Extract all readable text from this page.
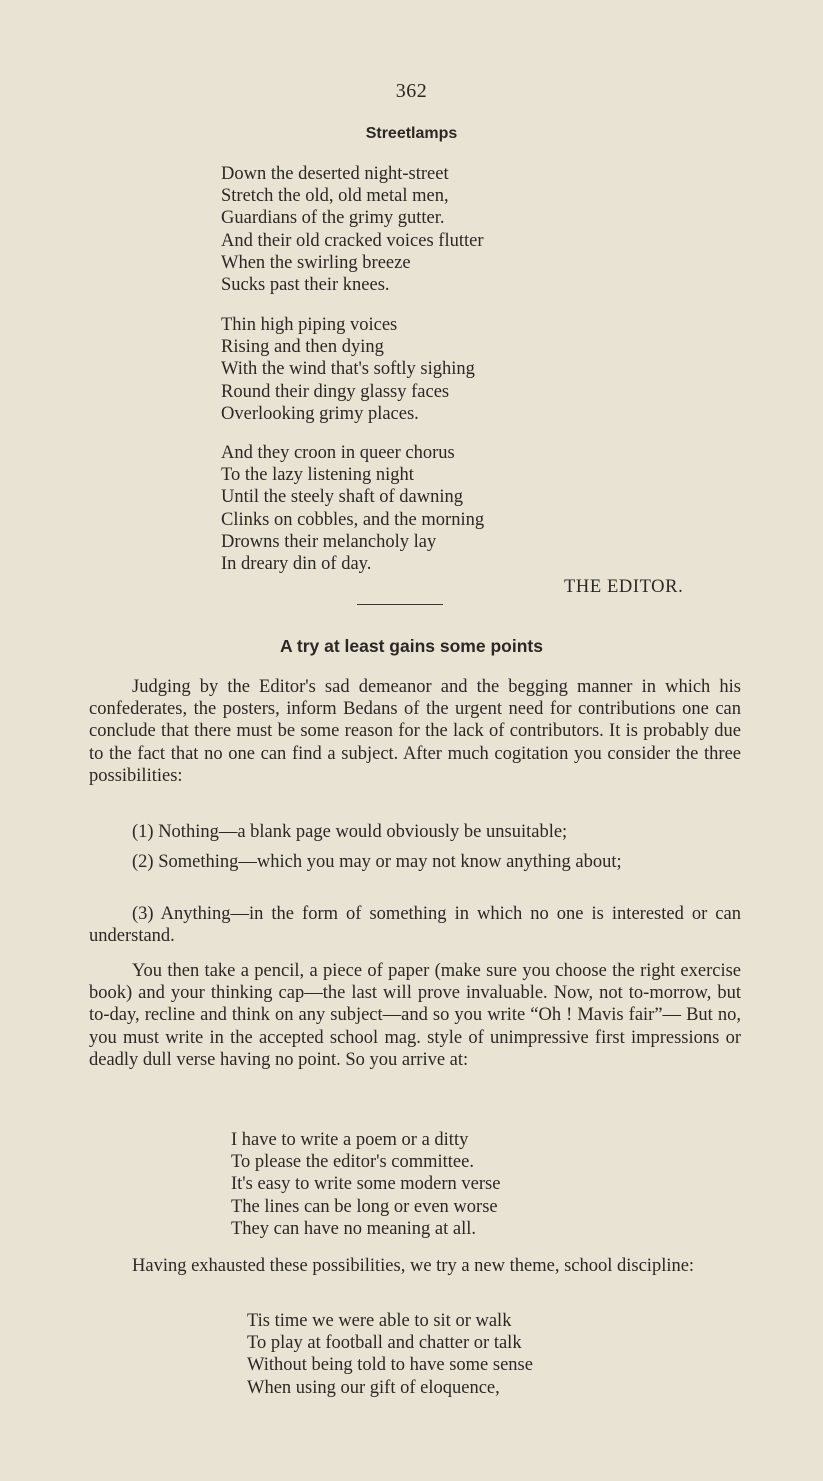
362
Streetlamps
Down the deserted night-street
Stretch the old, old metal men,
Guardians of the grimy gutter.
And their old cracked voices flutter
When the swirling breeze
Sucks past their knees.
Thin high piping voices
Rising and then dying
With the wind that's softly sighing
Round their dingy glassy faces
Overlooking grimy places.
And they croon in queer chorus
To the lazy listening night
Until the steely shaft of dawning
Clinks on cobbles, and the morning
Drowns their melancholy lay
In dreary din of day.
THE EDITOR.
A try at least gains some points

Judging by the Editor's sad demeanor and the begging manner in which his confederates, the posters, inform Bedans of the urgent need for contributions one can conclude that there must be some reason for the lack of contributors. It is probably due to the fact that no one can find a subject. After much cogitation you consider the three possibilities:

(1) Nothing—a blank page would obviously be unsuitable;

(2) Something—which you may or may not know anything about;

(3) Anything—in the form of something in which no one is interested or can understand.

You then take a pencil, a piece of paper (make sure you choose the right exercise book) and your thinking cap—the last will prove invaluable. Now, not to-morrow, but to-day, recline and think on any subject—and so you write “Oh ! Mavis fair”— But no, you must write in the accepted school mag. style of unimpressive first impressions or deadly dull verse having no point. So you arrive at:

I have to write a poem or a ditty
To please the editor's committee.
It's easy to write some modern verse
The lines can be long or even worse
They can have no meaning at all.

Having exhausted these possibilities, we try a new theme, school discipline:

Tis time we were able to sit or walk
To play at football and chatter or talk
Without being told to have some sense
When using our gift of eloquence,
